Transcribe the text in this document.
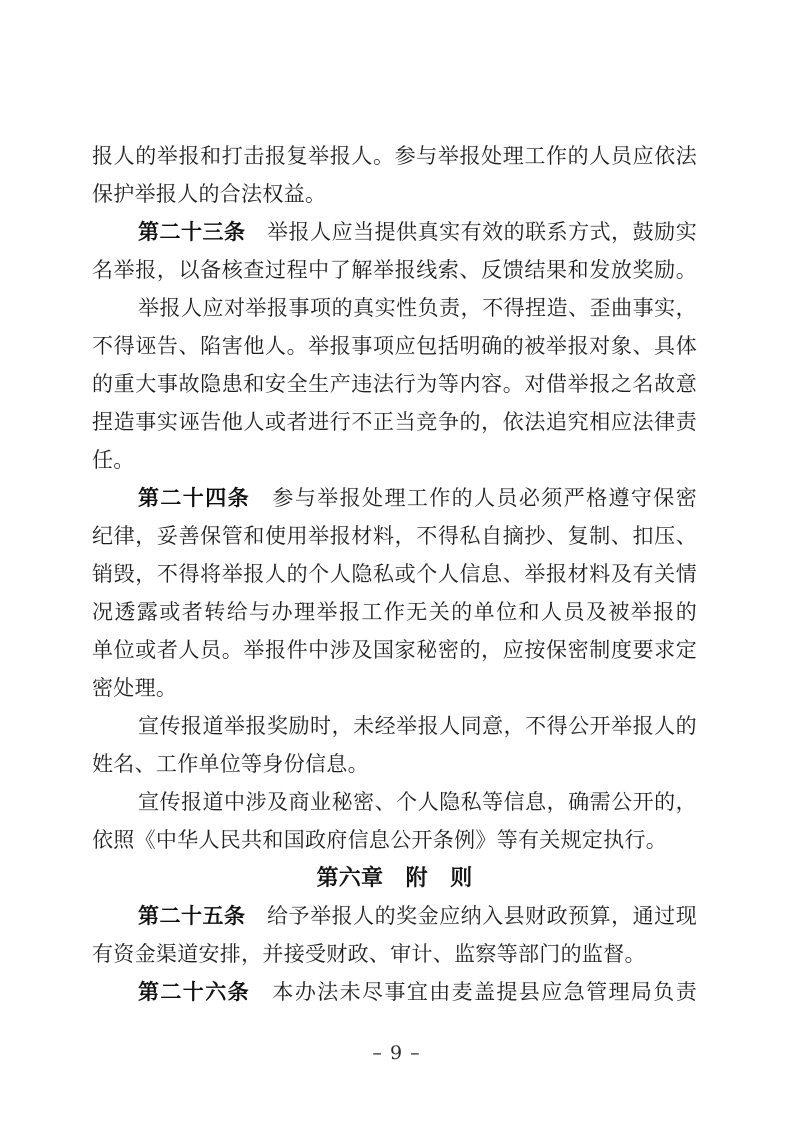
报人的举报和打击报复举报人。参与举报处理工作的人员应依法
保护举报人的合法权益。
第二十三条　举报人应当提供真实有效的联系方式，鼓励实
名举报，以备核查过程中了解举报线索、反馈结果和发放奖励。
举报人应对举报事项的真实性负责，不得捏造、歪曲事实，
不得诬告、陷害他人。举报事项应包括明确的被举报对象、具体
的重大事故隐患和安全生产违法行为等内容。对借举报之名故意
捏造事实诬告他人或者进行不正当竞争的，依法追究相应法律责
任。
第二十四条　参与举报处理工作的人员必须严格遵守保密
纪律，妥善保管和使用举报材料，不得私自摘抄、复制、扣压、
销毁，不得将举报人的个人隐私或个人信息、举报材料及有关情
况透露或者转给与办理举报工作无关的单位和人员及被举报的
单位或者人员。举报件中涉及国家秘密的，应按保密制度要求定
密处理。
宣传报道举报奖励时，未经举报人同意，不得公开举报人的
姓名、工作单位等身份信息。
宣传报道中涉及商业秘密、个人隐私等信息，确需公开的，
依照《中华人民共和国政府信息公开条例》等有关规定执行。
第六章　附　则
第二十五条　给予举报人的奖金应纳入县财政预算，通过现
有资金渠道安排，并接受财政、审计、监察等部门的监督。
第二十六条　本办法未尽事宜由麦盖提县应急管理局负责
– 9 –
